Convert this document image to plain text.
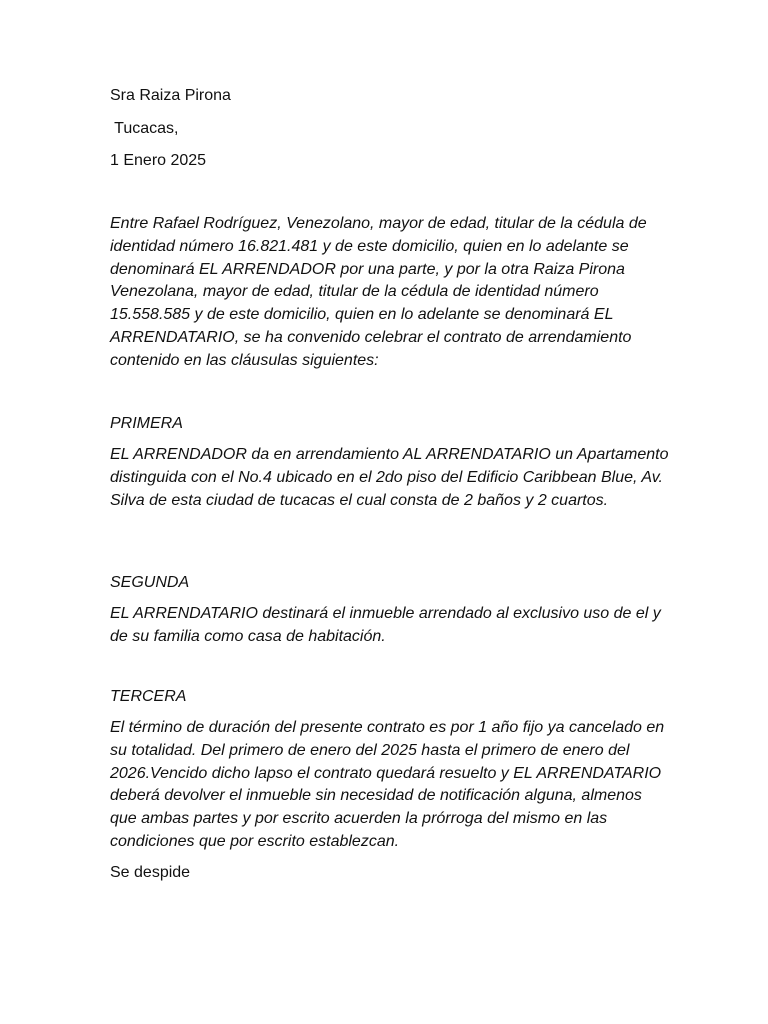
Sra Raiza Pirona

Tucacas,

1 Enero 2025

Entre Rafael Rodríguez, Venezolano, mayor de edad, titular de la cédula de identidad número 16.821.481 y de este domicilio, quien en lo adelante se denominará EL ARRENDADOR por una parte, y por la otra Raiza Pirona Venezolana, mayor de edad, titular de la cédula de identidad número 15.558.585 y de este domicilio, quien en lo adelante se denominará EL ARRENDATARIO, se ha convenido celebrar el contrato de arrendamiento contenido en las cláusulas siguientes:

PRIMERA

EL ARRENDADOR da en arrendamiento AL ARRENDATARIO un Apartamento distinguida con el No.4 ubicado en el 2do piso del Edificio Caribbean Blue, Av. Silva de esta ciudad de tucacas el cual consta de 2 baños y 2 cuartos.

SEGUNDA

EL ARRENDATARIO destinará el inmueble arrendado al exclusivo uso de el y de su familia como casa de habitación.

TERCERA

El término de duración del presente contrato es por 1 año fijo ya cancelado en su totalidad. Del primero de enero del 2025 hasta el primero de enero del 2026.Vencido dicho lapso el contrato quedará resuelto y EL ARRENDATARIO deberá devolver el inmueble sin necesidad de notificación alguna, almenos que ambas partes y por escrito acuerden la prórroga del mismo en las condiciones que por escrito establezcan.

Se despide
